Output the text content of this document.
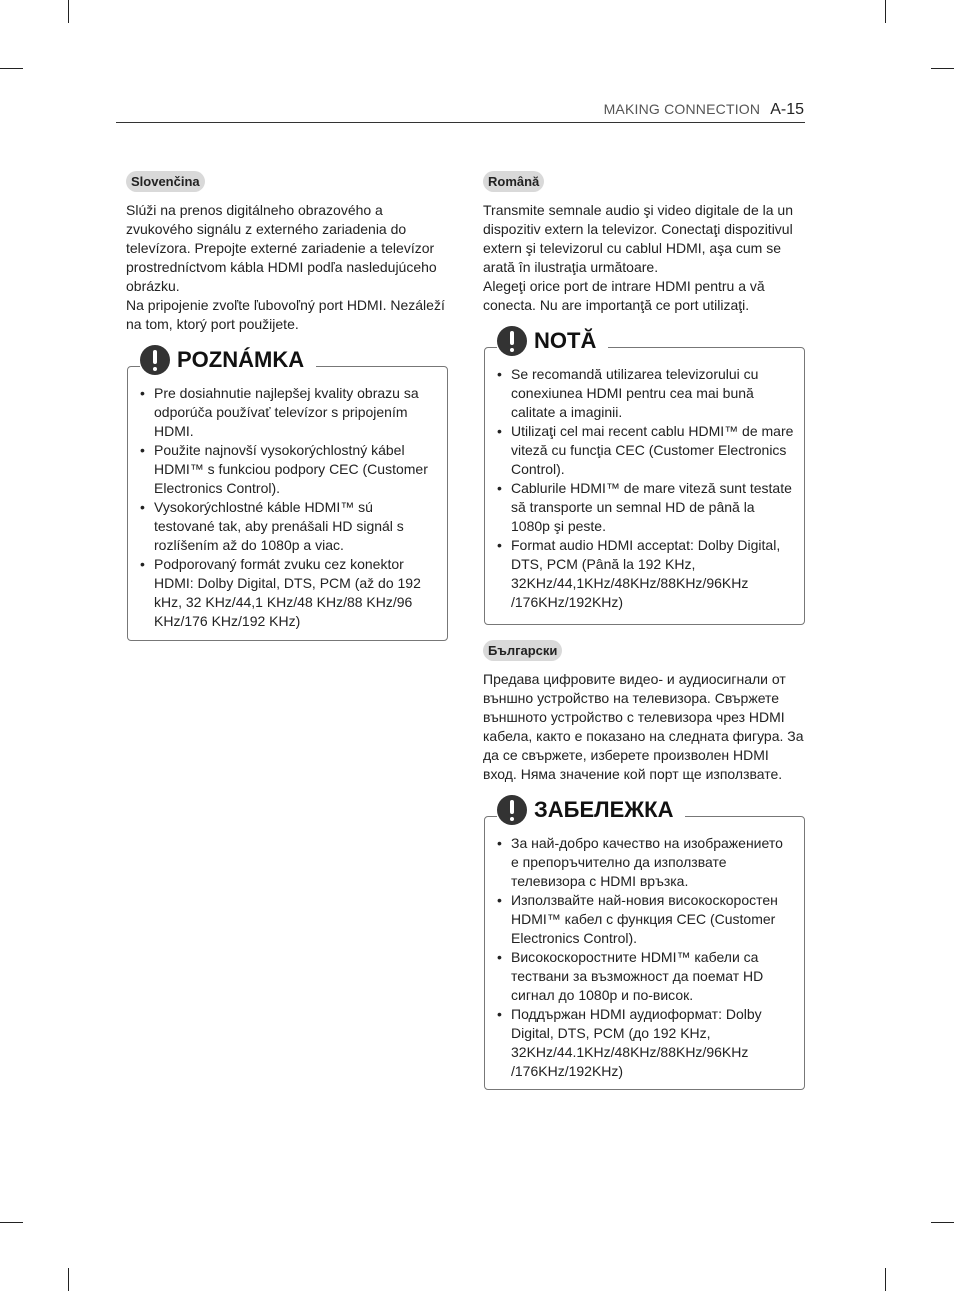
MAKING CONNECTION A-15
Slovenčina

Slúži na prenos digitálneho obrazového a zvukového signálu z externého zariadenia do televízora. Prepojte externé zariadenie a televízor prostredníctvom kábla HDMI podľa nasledujúceho obrázku.

Na pripojenie zvoľte ľubovoľný port HDMI. Nezáleží na tom, ktorý port použijete.

POZNÁMKA
• Pre dosiahnutie najlepšej kvality obrazu sa odporúča používať televízor s pripojením HDMI.
• Použite najnovší vysokorýchlostný kábel HDMI™ s funkciou podpory CEC (Customer Electronics Control).
• Vysokorýchlostné káble HDMI™ sú testované tak, aby prenášali HD signál s rozlíšením až do 1080p a viac.
• Podporovaný formát zvuku cez konektor HDMI: Dolby Digital, DTS, PCM (až do 192 kHz, 32 KHz/44,1 KHz/48 KHz/88 KHz/96 KHz/176 KHz/192 KHz)
Română

Transmite semnale audio şi video digitale de la un dispozitiv extern la televizor. Conectaţi dispozitivul extern şi televizorul cu cablul HDMI, aşa cum se arată în ilustraţia următoare.

Alegeţi orice port de intrare HDMI pentru a vă conecta. Nu are importanţă ce port utilizaţi.

NOTĂ
• Se recomandă utilizarea televizorului cu conexiunea HDMI pentru cea mai bună calitate a imaginii.
• Utilizaţi cel mai recent cablu HDMI™ de mare viteză cu funcţia CEC (Customer Electronics Control).
• Cablurile HDMI™ de mare viteză sunt testate să transporte un semnal HD de până la 1080p şi peste.
• Format audio HDMI acceptat: Dolby Digital, DTS, PCM (Până la 192 KHz, 32KHz/44,1KHz/48KHz/88KHz/96KHz /176KHz/192KHz)
Български

Предава цифровите видео- и аудиосигнали от външно устройство на телевизора. Свържете външното устройство с телевизора чрез HDMI кабела, както е показано на следната фигура. За да се свържете, изберете произволен HDMI вход. Няма значение кой порт ще използвате.

ЗАБЕЛЕЖКА
• За най-добро качество на изображението е препоръчително да използвате телевизора с HDMI връзка.
• Използвайте най-новия високоскоростен HDMI™ кабел с функция CEC (Customer Electronics Control).
• Високоскоростните HDMI™ кабели са тествани за възможност да поемат HD сигнал до 1080p и по-висок.
• Поддържан HDMI аудиоформат: Dolby Digital, DTS, PCM (до 192 KHz, 32KHz/44.1KHz/48KHz/88KHz/96KHz /176KHz/192KHz)
